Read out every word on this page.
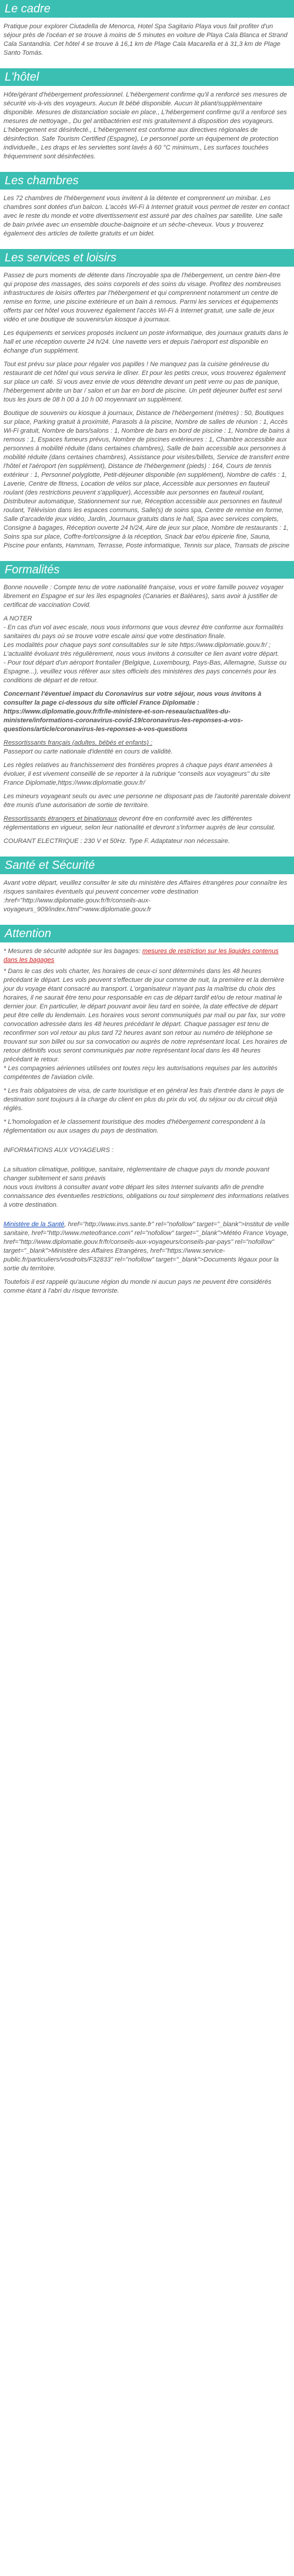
Le cadre

Pratique pour explorer Ciutadella de Menorca, Hotel Spa Sagitario Playa vous fait profiter d'un séjour près de l'océan et se trouve à moins de 5 minutes en voiture de Playa Cala Blanca et Strand Cala Santandria. Cet hôtel 4 se trouve à 16,1 km de Plage Cala Macarella et à 31,3 km de Plage Santo Tomás.

L'hôtel

Hôte/gérant d'hébergement professionnel. L'hébergement confirme qu'il a renforcé ses mesures de sécurité vis-à-vis des voyageurs. Aucun lit bébé disponible. Aucun lit pliant/supplémentaire disponible. Mesures de distanciation sociale en place., L'hébergement confirme qu'il a renforcé ses mesures de nettoyage., Du gel antibactérien est mis gratuitement à disposition des voyageurs. L'hébergement est désinfecté., L'hébergement est conforme aux directives régionales de désinfection. Safe Tourism Certified (Espagne), Le personnel porte un équipement de protection individuelle., Les draps et les serviettes sont lavés à 60 °C minimum., Les surfaces touchées fréquemment sont désinfectées.

Les chambres

Les 72 chambres de l'hébergement vous invitent à la détente et comprennent un minibar. Les chambres sont dotées d'un balcon. L'accès Wi-Fi à Internet gratuit vous permet de rester en contact avec le reste du monde et votre divertissement est assuré par des chaînes par satellite. Une salle de bain privée avec un ensemble douche-baignoire et un sèche-cheveux. Vous y trouverez également des articles de toilette gratuits et un bidet.

Les services et loisirs

Passez de purs moments de détente dans l'incroyable spa de l'hébergement, un centre bien-être qui propose des massages, des soins corporels et des soins du visage. Profitez des nombreuses infrastructures de loisirs offertes par l'hébergement et qui comprennent notamment un centre de remise en forme, une piscine extérieure et un bain à remous. Parmi les services et équipements offerts par cet hôtel vous trouverez également l'accès Wi-Fi à Internet gratuit, une salle de jeux vidéo et une boutique de souvenirs/un kiosque à journaux.

Les équipements et services proposés incluent un poste informatique, des journaux gratuits dans le hall et une réception ouverte 24 h/24. Une navette vers et depuis l'aéroport est disponible en échange d'un supplément.

Tout est prévu sur place pour régaler vos papilles ! Ne manquez pas la cuisine généreuse du restaurant de cet hôtel qui vous servira le dîner. Et pour les petits creux, vous trouverez également sur place un café. Si vous avez envie de vous détendre devant un petit verre ou pas de panique, l'hébergement abrite un bar / salon et un bar en bord de piscine. Un petit déjeuner buffet est servi tous les jours de 08 h 00 à 10 h 00 moyennant un supplément.

Boutique de souvenirs ou kiosque à journaux, Distance de l'hébergement (mètres) : 50, Boutiques sur place, Parking gratuit à proximité, Parasols à la piscine, Nombre de salles de réunion : 1, Accès Wi-Fi gratuit, Nombre de bars/salons : 1, Nombre de bars en bord de piscine : 1, Nombre de bains à remous : 1, Espaces fumeurs prévus, Nombre de piscines extérieures : 1, Chambre accessible aux personnes à mobilité réduite (dans certaines chambres), Salle de bain accessible aux personnes à mobilité réduite (dans certaines chambres), Assistance pour visites/billets, Service de transfert entre l'hôtel et l'aéroport (en supplément), Distance de l'hébergement (pieds) : 164, Cours de tennis extérieur : 1, Personnel polyglotte, Petit-déjeuner disponible (en supplément), Nombre de cafés : 1, Laverie, Centre de fitness, Location de vélos sur place, Accessible aux personnes en fauteuil roulant (des restrictions peuvent s'appliquer), Accessible aux personnes en fauteuil roulant, Distributeur automatique, Stationnement sur rue, Réception accessible aux personnes en fauteuil roulant, Télévision dans les espaces communs, Salle(s) de soins spa, Centre de remise en forme, Salle d'arcade/de jeux vidéo, Jardin, Journaux gratuits dans le hall, Spa avec services complets, Consigne à bagages, Réception ouverte 24 h/24, Aire de jeux sur place, Nombre de restaurants : 1, Soins spa sur place, Coffre-fort/consigne à la réception, Snack bar et/ou épicerie fine, Sauna, Piscine pour enfants, Hammam, Terrasse, Poste informatique, Tennis sur place, Transats de piscine

Formalités

Bonne nouvelle : Compte tenu de votre nationalité française, vous et votre famille pouvez voyager librement en Espagne et sur les îles espagnoles (Canaries et Baléares), sans avoir à justifier de certificat de vaccination Covid.

A NOTER
- En cas d'un vol avec escale, nous vous informons que vous devrez être conforme aux formalités sanitaires du pays où se trouve votre escale ainsi que votre destination finale.
Les modalités pour chaque pays sont consultables sur le site https://www.diplomatie.gouv.fr/ ; L'actualité évoluant très régulièrement, nous vous invitons à consulter ce lien avant votre départ.
- Pour tout départ d'un aéroport frontalier (Belgique, Luxembourg, Pays-Bas, Allemagne, Suisse ou Espagne...), veuillez vous référer aux sites officiels des ministères des pays concernés pour les conditions de départ et de retour.

Concernant l'éventuel impact du Coronavirus sur votre séjour, nous vous invitons à consulter la page ci-dessous du site officiel France Diplomatie : https://www.diplomatie.gouv.fr/fr/le-ministere-et-son-reseau/actualites-du-ministere/informations-coronavirus-covid-19/coronavirus-les-reponses-a-vos-questions/article/coronavirus-les-reponses-a-vos-questions

Ressortissants français (adultes, bébés et enfants) :
Passeport ou carte nationale d'identité en cours de validité.

Les règles relatives au franchissement des frontières propres à chaque pays étant amenées à évoluer, il est vivement conseillé de se reporter à la rubrique "conseils aux voyageurs" du site France Diplomatie,https://www.diplomatie.gouv.fr/

Les mineurs voyageant seuls ou avec une personne ne disposant pas de l'autorité parentale doivent être munis d'une autorisation de sortie de territoire.

Ressortissants étrangers et binationaux devront être en conformité avec les différentes réglementations en vigueur, selon leur nationalité et devront s'informer auprès de leur consulat.

COURANT ELECTRIQUE : 230 V et 50Hz. Type F. Adaptateur non nécessaire.

Santé et Sécurité

Avant votre départ, veuillez consulter le site du ministère des Affaires étrangères pour connaître les risques sanitaires éventuels qui peuvent concerner votre destination :href="http://www.diplomatie.gouv.fr/fr/conseils-aux-voyageurs_909/index.html">www.diplomatie.gouv.fr

Attention

* Mesures de sécurité adoptée sur les bagages: mesures de restriction sur les liquides contenus dans les bagages

* Dans le cas des vols charter, les horaires de ceux-ci sont déterminés dans les 48 heures précédant le départ. Les vols peuvent s'effectuer de jour comme de nuit, la première et la dernière jour du voyage étant consacré au transport. L'organisateur n'ayant pas la maîtrise du choix des horaires, il ne saurait être tenu pour responsable en cas de départ tardif et/ou de retour matinal le dernier jour. En particulier, le départ pouvant avoir lieu tard en soirée, la date effective de départ peut être celle du lendemain. Les horaires vous seront communiqués par mail ou par fax, sur votre convocation adressée dans les 48 heures précédant le départ. Chaque passager est tenu de reconfirmer son vol retour au plus tard 72 heures avant son retour au numéro de téléphone se trouvant sur son billet ou sur sa convocation ou auprès de notre représentant local. Les horaires de retour définitifs vous seront communiqués par notre représentant local dans les 48 heures précédant le retour.
* Les compagnies aériennes utilisées ont toutes reçu les autorisations requises par les autorités compétentes de l'aviation civile.

* Les frais obligatoires de visa, de carte touristique et en général les frais d'entrée dans le pays de destination sont toujours à la charge du client en plus du prix du vol, du séjour ou du circuit déjà réglés.

* L'homologation et le classement touristique des modes d'hébergement correspondent à la réglementation ou aux usages du pays de destination.

INFORMATIONS AUX VOYAGEURS :

La situation climatique, politique, sanitaire, réglementaire de chaque pays du monde pouvant changer subitement et sans préavis
nous vous invitons à consulter avant votre départ les sites Internet suivants afin de prendre connaissance des éventuelles restrictions, obligations ou tout simplement des informations relatives à votre destination.

Ministère de la Santé, href="http://www.invs.sante.fr" rel="nofollow" target="_blank">Institut de veille sanitaire, href="http://www.meteofrance.com" rel="nofollow" target="_blank">Météo France Voyage, href="http://www.diplomatie.gouv.fr/fr/conseils-aux-voyageurs/conseils-par-pays" rel="nofollow" target="_blank">Ministère des Affaires Etrangères, href="https://www.service-public.fr/particuliers/vosdroits/F32833" rel="nofollow" target="_blank">Documents légaux pour la sortie du territoire.

Toutefois il est rappelé qu'aucune région du monde ni aucun pays ne peuvent être considérés comme étant à l'abri du risque terroriste.
